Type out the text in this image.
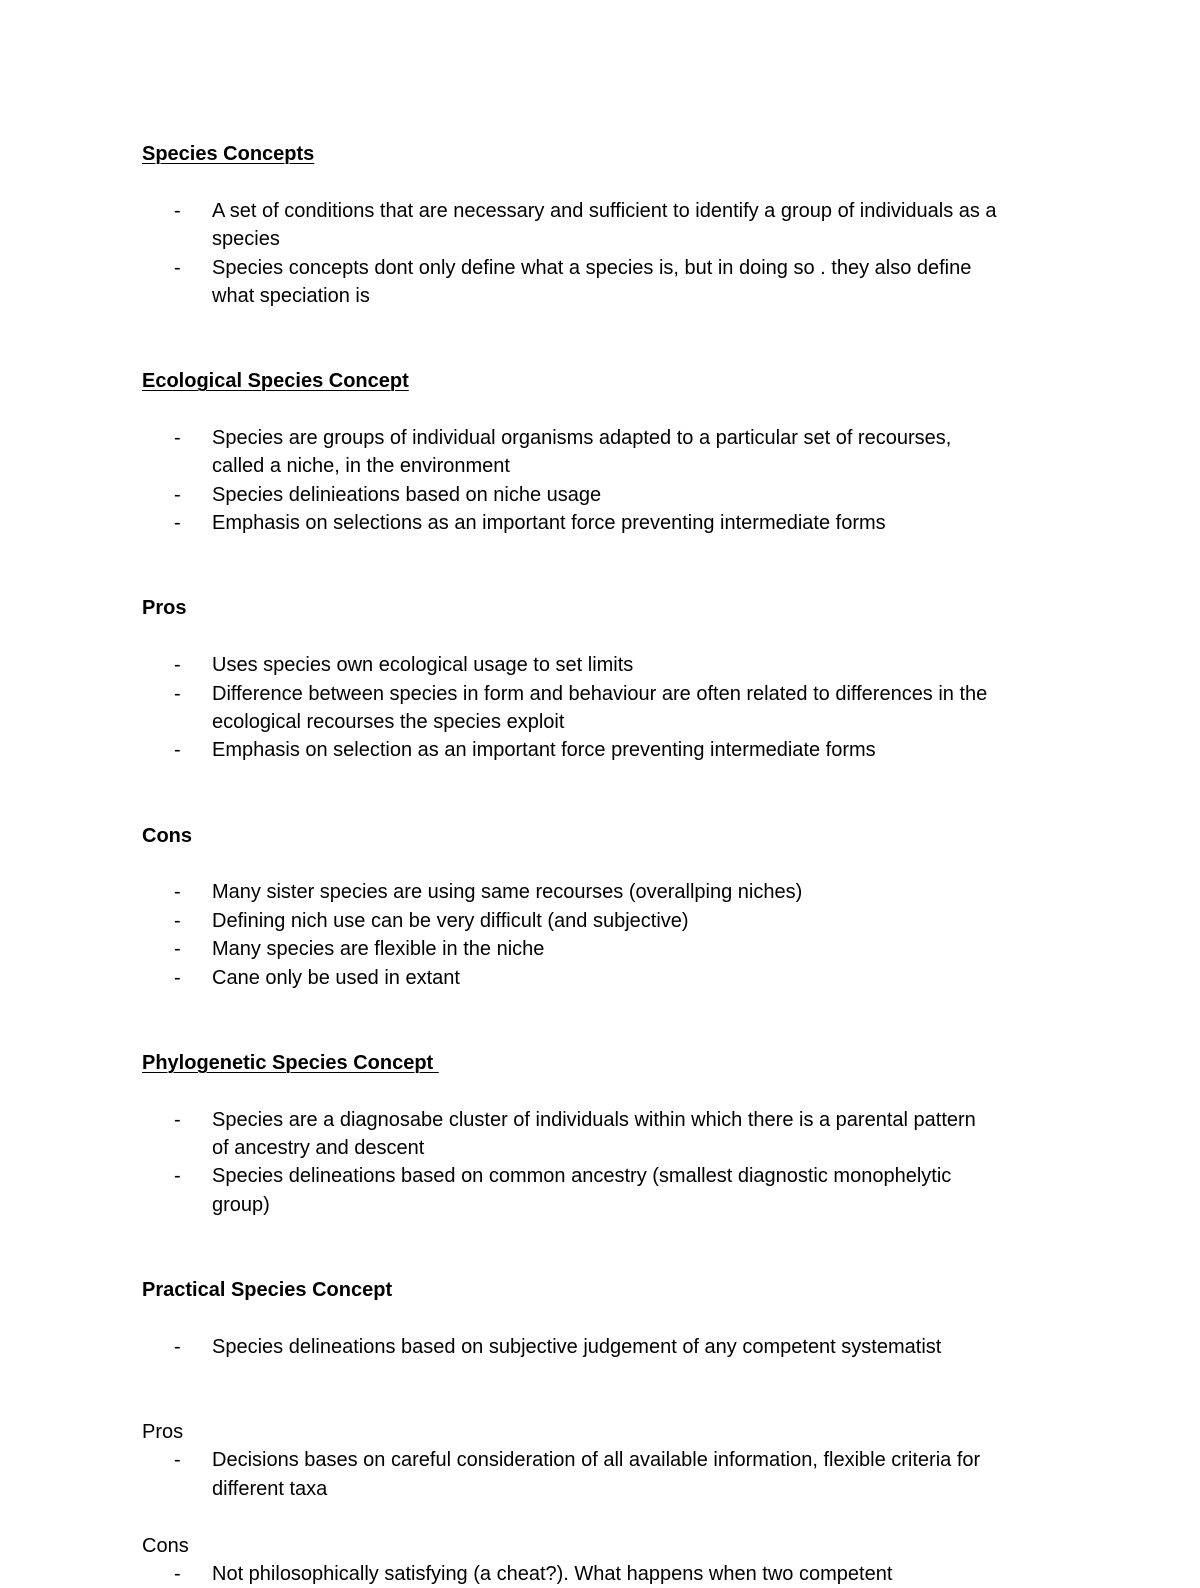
Species Concepts
- A set of conditions that are necessary and sufficient to identify a group of individuals as a
species
- Species concepts dont only define what a species is, but in doing so . they also define
what speciation is
Ecological Species Concept
- Species are groups of individual organisms adapted to a particular set of recourses,
called a niche, in the environment
- Species delinieations based on niche usage
- Emphasis on selections as an important force preventing intermediate forms
Pros
- Uses species own ecological usage to set limits
- Difference between species in form and behaviour are often related to differences in the
ecological recourses the species exploit
- Emphasis on selection as an important force preventing intermediate forms
Cons
- Many sister species are using same recourses (overallping niches)
- Defining nich use can be very difficult (and subjective)
- Many species are flexible in the niche
- Cane only be used in extant
Phylogenetic Species Concept
- Species are a diagnosabe cluster of individuals within which there is a parental pattern
of ancestry and descent
- Species delineations based on common ancestry (smallest diagnostic monophelytic
group)
Practical Species Concept
- Species delineations based on subjective judgement of any competent systematist
Pros
- Decisions bases on careful consideration of all available information, flexible criteria for
different taxa
Cons
- Not philosophically satisfying (a cheat?). What happens when two competent
